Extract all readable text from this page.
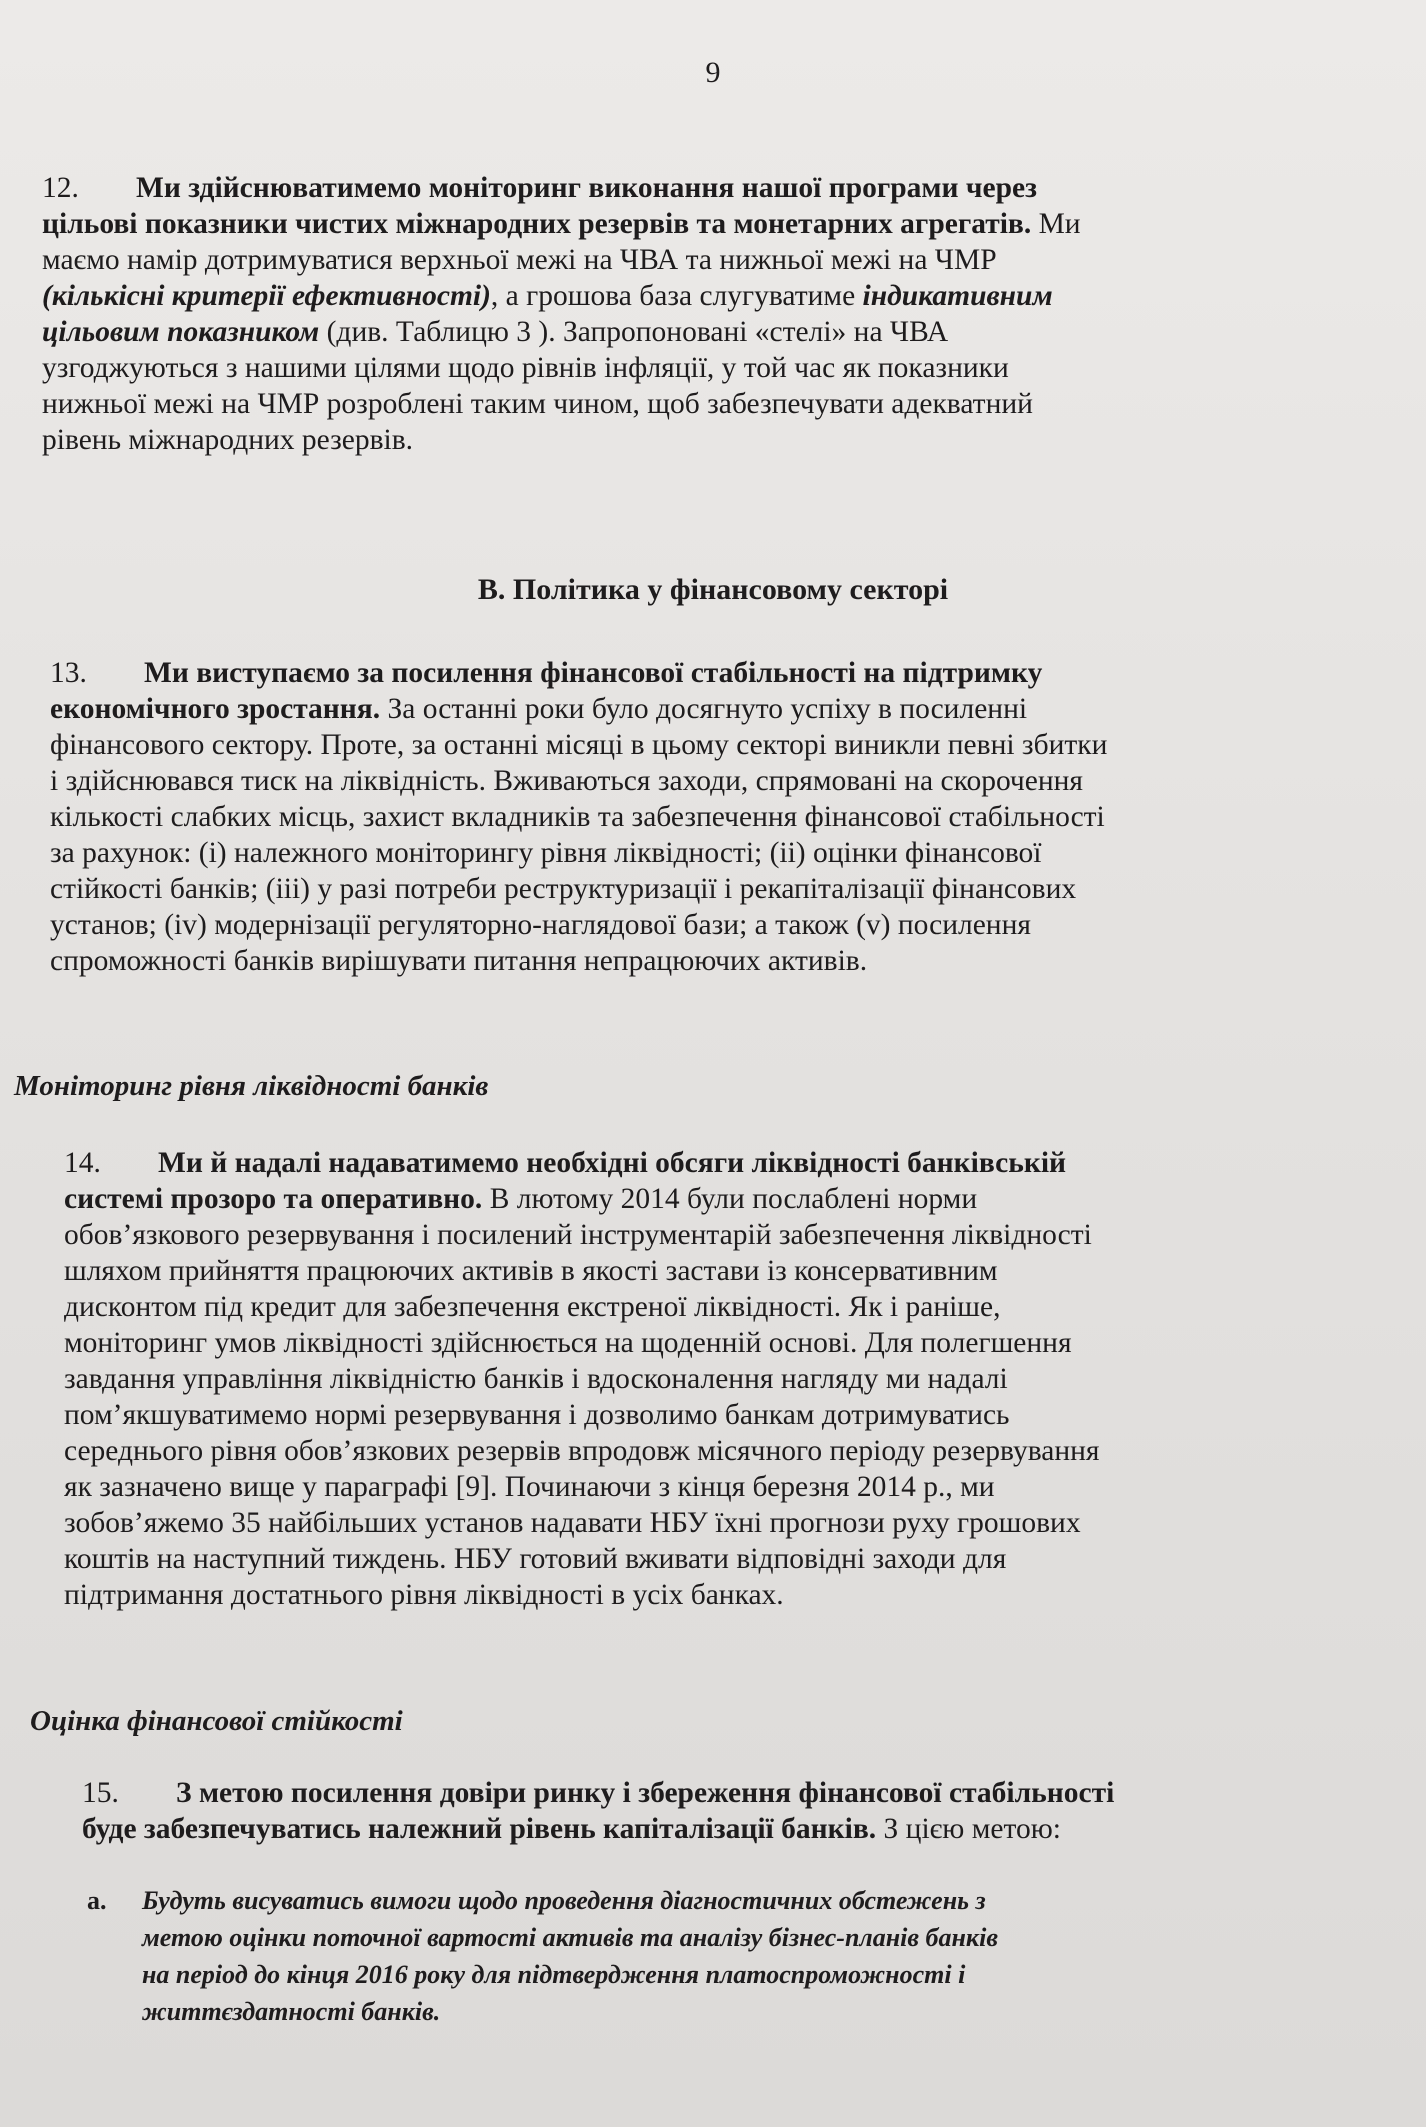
9
12. Ми здійснюватимемо моніторинг виконання нашої програми через
цільові показники чистих міжнародних резервів та монетарних агрегатів. Ми
маємо намір дотримуватися верхньої межі на ЧВА та нижньої межі на ЧМР
(кількісні критерії ефективності), а грошова база слугуватиме індикативним
цільовим показником (див. Таблицю 3 ). Запропоновані «стелі» на ЧВА
узгоджуються з нашими цілями щодо рівнів інфляції, у той час як показники
нижньої межі на ЧМР розроблені таким чином, щоб забезпечувати адекватний
рівень міжнародних резервів.
B. Політика у фінансовому секторі
13. Ми виступаємо за посилення фінансової стабільності на підтримку
економічного зростання. За останні роки було досягнуто успіху в посиленні
фінансового сектору. Проте, за останні місяці в цьому секторі виникли певні збитки
і здійснювався тиск на ліквідність. Вживаються заходи, спрямовані на скорочення
кількості слабких місць, захист вкладників та забезпечення фінансової стабільності
за рахунок: (i) належного моніторингу рівня ліквідності; (ii) оцінки фінансової
стійкості банків; (iii) у разі потреби реструктуризації і рекапіталізації фінансових
установ; (iv) модернізації регуляторно-наглядової бази; а також (v) посилення
спроможності банків вирішувати питання непрацюючих активів.
Моніторинг рівня ліквідності банків
14. Ми й надалі надаватимемо необхідні обсяги ліквідності банківській
системі прозоро та оперативно. В лютому 2014 були послаблені норми
обов’язкового резервування і посилений інструментарій забезпечення ліквідності
шляхом прийняття працюючих активів в якості застави із консервативним
дисконтом під кредит для забезпечення екстреної ліквідності. Як і раніше,
моніторинг умов ліквідності здійснюється на щоденній основі. Для полегшення
завдання управління ліквідністю банків і вдосконалення нагляду ми надалі
пом’якшуватимемо нормі резервування і дозволимо банкам дотримуватись
середнього рівня обов’язкових резервів впродовж місячного періоду резервування
як зазначено вище у параграфі [9]. Починаючи з кінця березня 2014 р., ми
зобов’яжемо 35 найбільших установ надавати НБУ їхні прогнози руху грошових
коштів на наступний тиждень. НБУ готовий вживати відповідні заходи для
підтримання достатнього рівня ліквідності в усіх банках.
Оцінка фінансової стійкості
15. З метою посилення довіри ринку і збереження фінансової стабільності
буде забезпечуватись належний рівень капіталізації банків. З цією метою:
a. Будуть висуватись вимоги щодо проведення діагностичних обстежень з
метою оцінки поточної вартості активів та аналізу бізнес-планів банків
на період до кінця 2016 року для підтвердження платоспроможності і
життєздатності банків.
